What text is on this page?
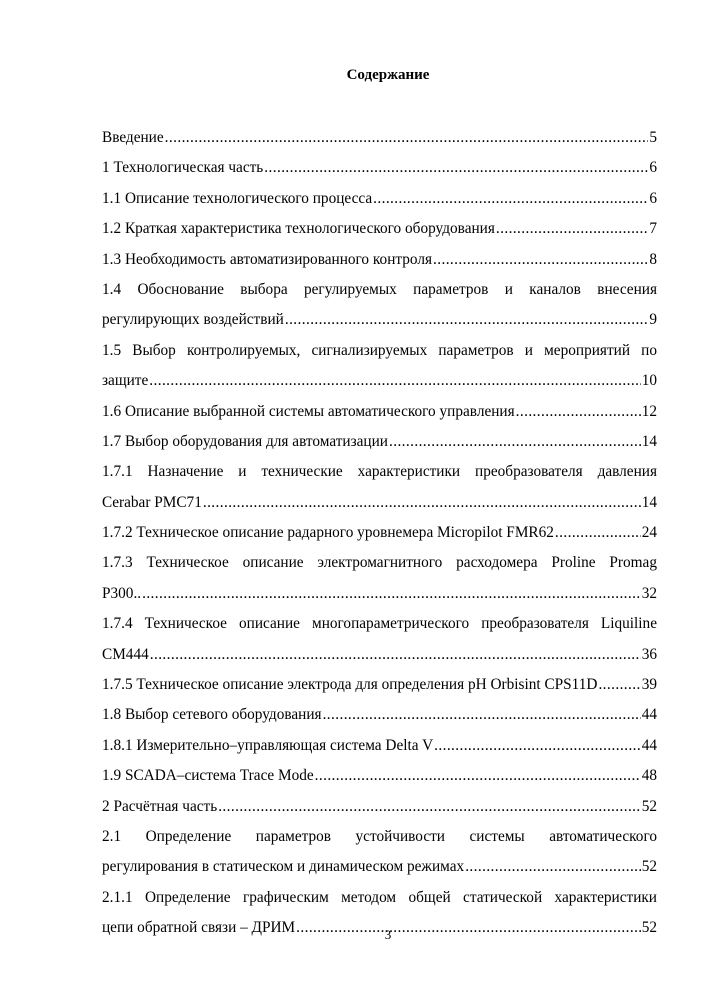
Содержание
Введение .....	5
1 Технологическая часть .....	6
1.1 Описание технологического процесса .....	6
1.2 Краткая характеристика технологического оборудования .....	7
1.3 Необходимость автоматизированного контроля .....	8
1.4 Обоснование выбора регулируемых параметров и каналов внесения
регулирующих воздействий .....	9
1.5 Выбор контролируемых, сигнализируемых параметров и мероприятий по
защите .....	10
1.6 Описание выбранной системы автоматического управления .....	12
1.7 Выбор оборудования для автоматизации .....	14
1.7.1 Назначение и технические характеристики преобразователя давления
Cerabar PMC71 .....	14
1.7.2 Техническое описание радарного уровнемера Micropilot FMR62 .....	24
1.7.3 Техническое описание электромагнитного расходомера Proline Promag
P300.. .....	32
1.7.4 Техническое описание многопараметрического преобразователя Liquiline
CM444 .....	36
1.7.5 Техническое описание электрода для определения pH Orbisint CPS11D .....	39
1.8 Выбор сетевого оборудования .....	44
1.8.1 Измерительно–управляющая система Delta V .....	44
1.9 SCADA–система Trace Mode .....	48
2 Расчётная часть .....	52
2.1 Определение параметров устойчивости системы автоматического
регулирования в статическом и динамическом режимах .....	52
2.1.1 Определение графическим методом общей статической характеристики
цепи обратной связи – ДРИМ .....	52
3
